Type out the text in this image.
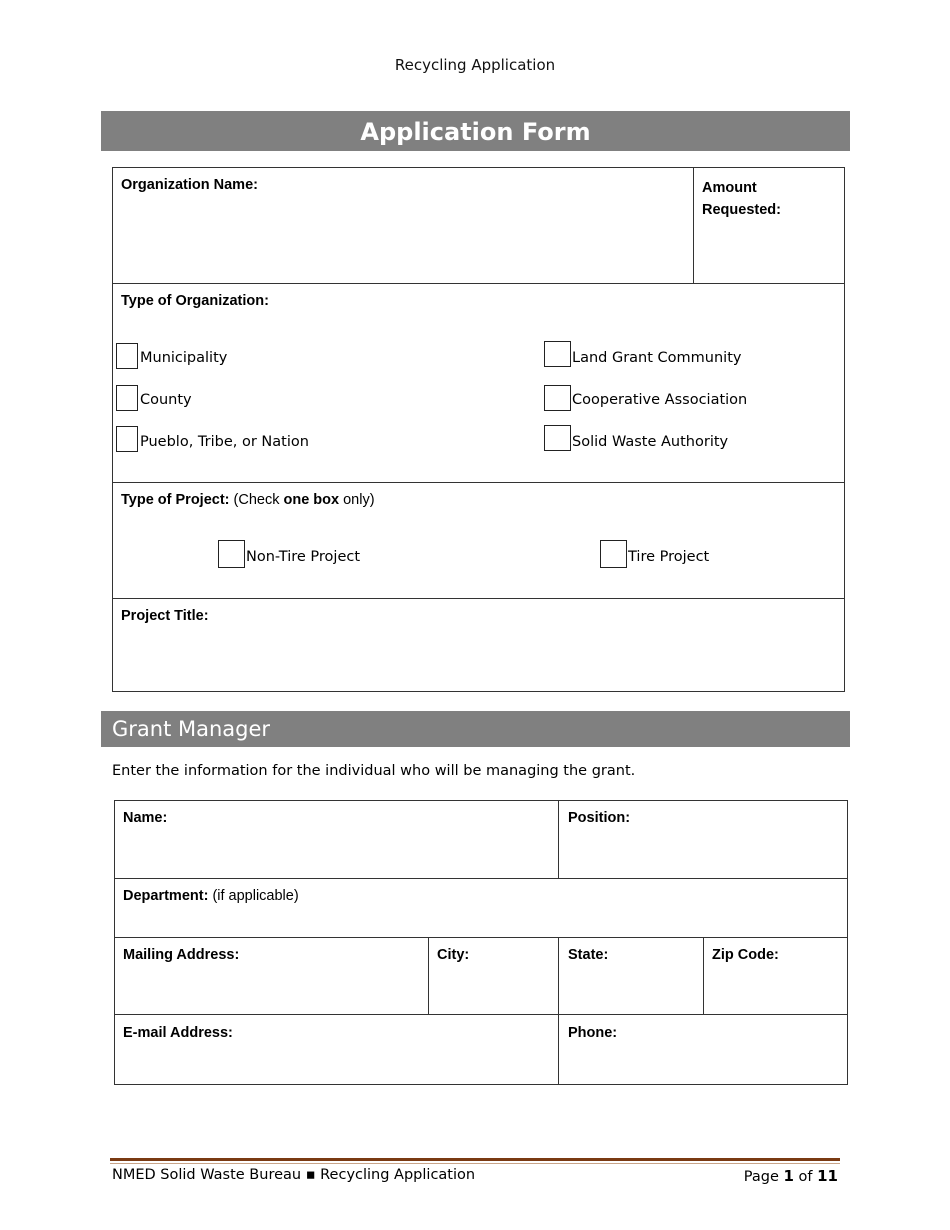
Recycling Application
Application Form
Organization Name:	Amount Requested:
Type of Organization:
Municipality
County
Pueblo, Tribe, or Nation
Land Grant Community
Cooperative Association
Solid Waste Authority
Type of Project: (Check one box only)
Non-Tire Project	Tire Project
Project Title:
Grant Manager
Enter the information for the individual who will be managing the grant.
Name:	Position:
Department: (if applicable)
Mailing Address:	City:	State:	Zip Code:
E-mail Address:	Phone:
NMED Solid Waste Bureau ▪ Recycling Application	Page 1 of 11
